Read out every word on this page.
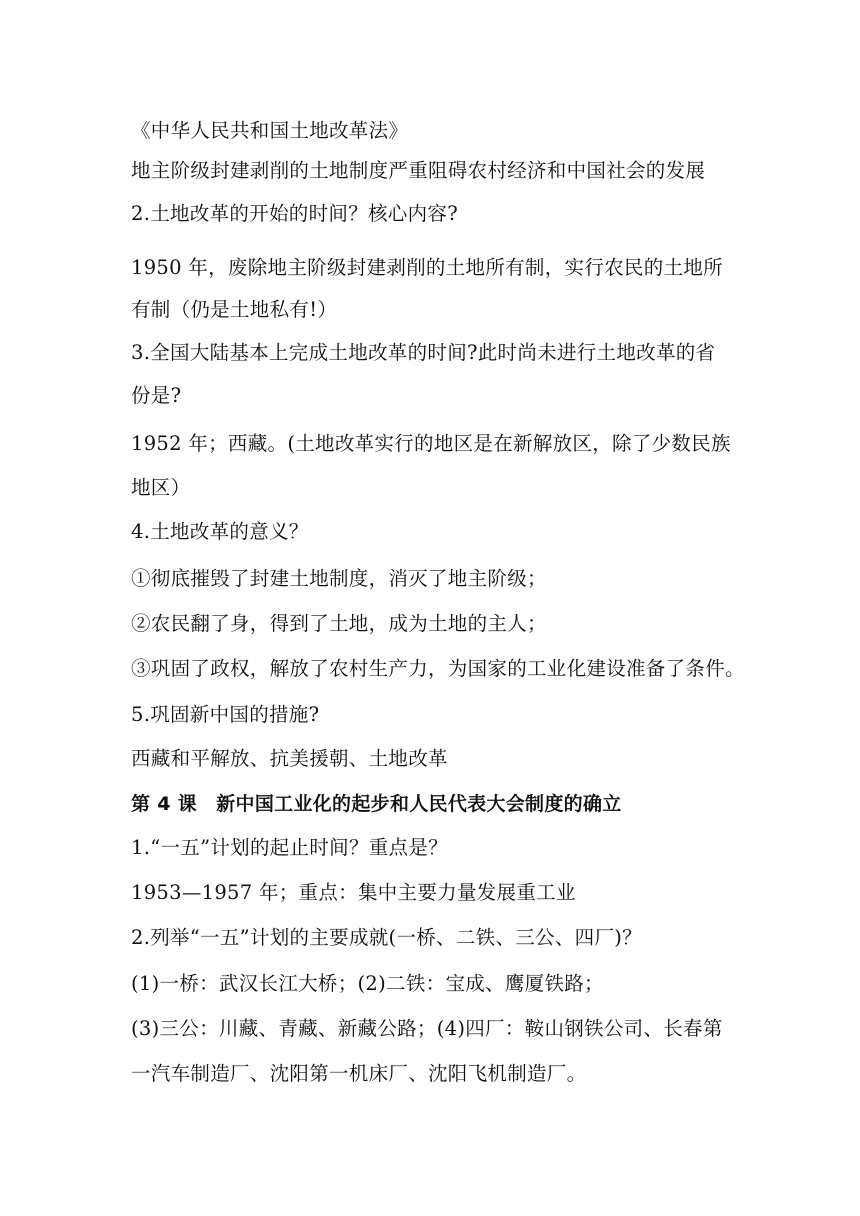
《中华人民共和国土地改革法》
地主阶级封建剥削的土地制度严重阻碍农村经济和中国社会的发展
2.土地改革的开始的时间？核心内容?
1950 年，废除地主阶级封建剥削的土地所有制，实行农民的土地所
有制（仍是土地私有!）
3.全国大陆基本上完成土地改革的时间?此时尚未进行土地改革的省
份是?
1952 年；西藏。(土地改革实行的地区是在新解放区，除了少数民族
地区）
4.土地改革的意义？
①彻底摧毁了封建土地制度，消灭了地主阶级；
②农民翻了身，得到了土地，成为土地的主人；
③巩固了政权，解放了农村生产力，为国家的工业化建设准备了条件。
5.巩固新中国的措施?
西藏和平解放、抗美援朝、土地改革
第 4 课　新中国工业化的起步和人民代表大会制度的确立
1.“一五”计划的起止时间？重点是？
1953—1957 年；重点：集中主要力量发展重工业
2.列举“一五”计划的主要成就(一桥、二铁、三公、四厂)？
(1)一桥：武汉长江大桥；(2)二铁：宝成、鹰厦铁路；
(3)三公：川藏、青藏、新藏公路；(4)四厂：鞍山钢铁公司、长春第
一汽车制造厂、沈阳第一机床厂、沈阳飞机制造厂。
